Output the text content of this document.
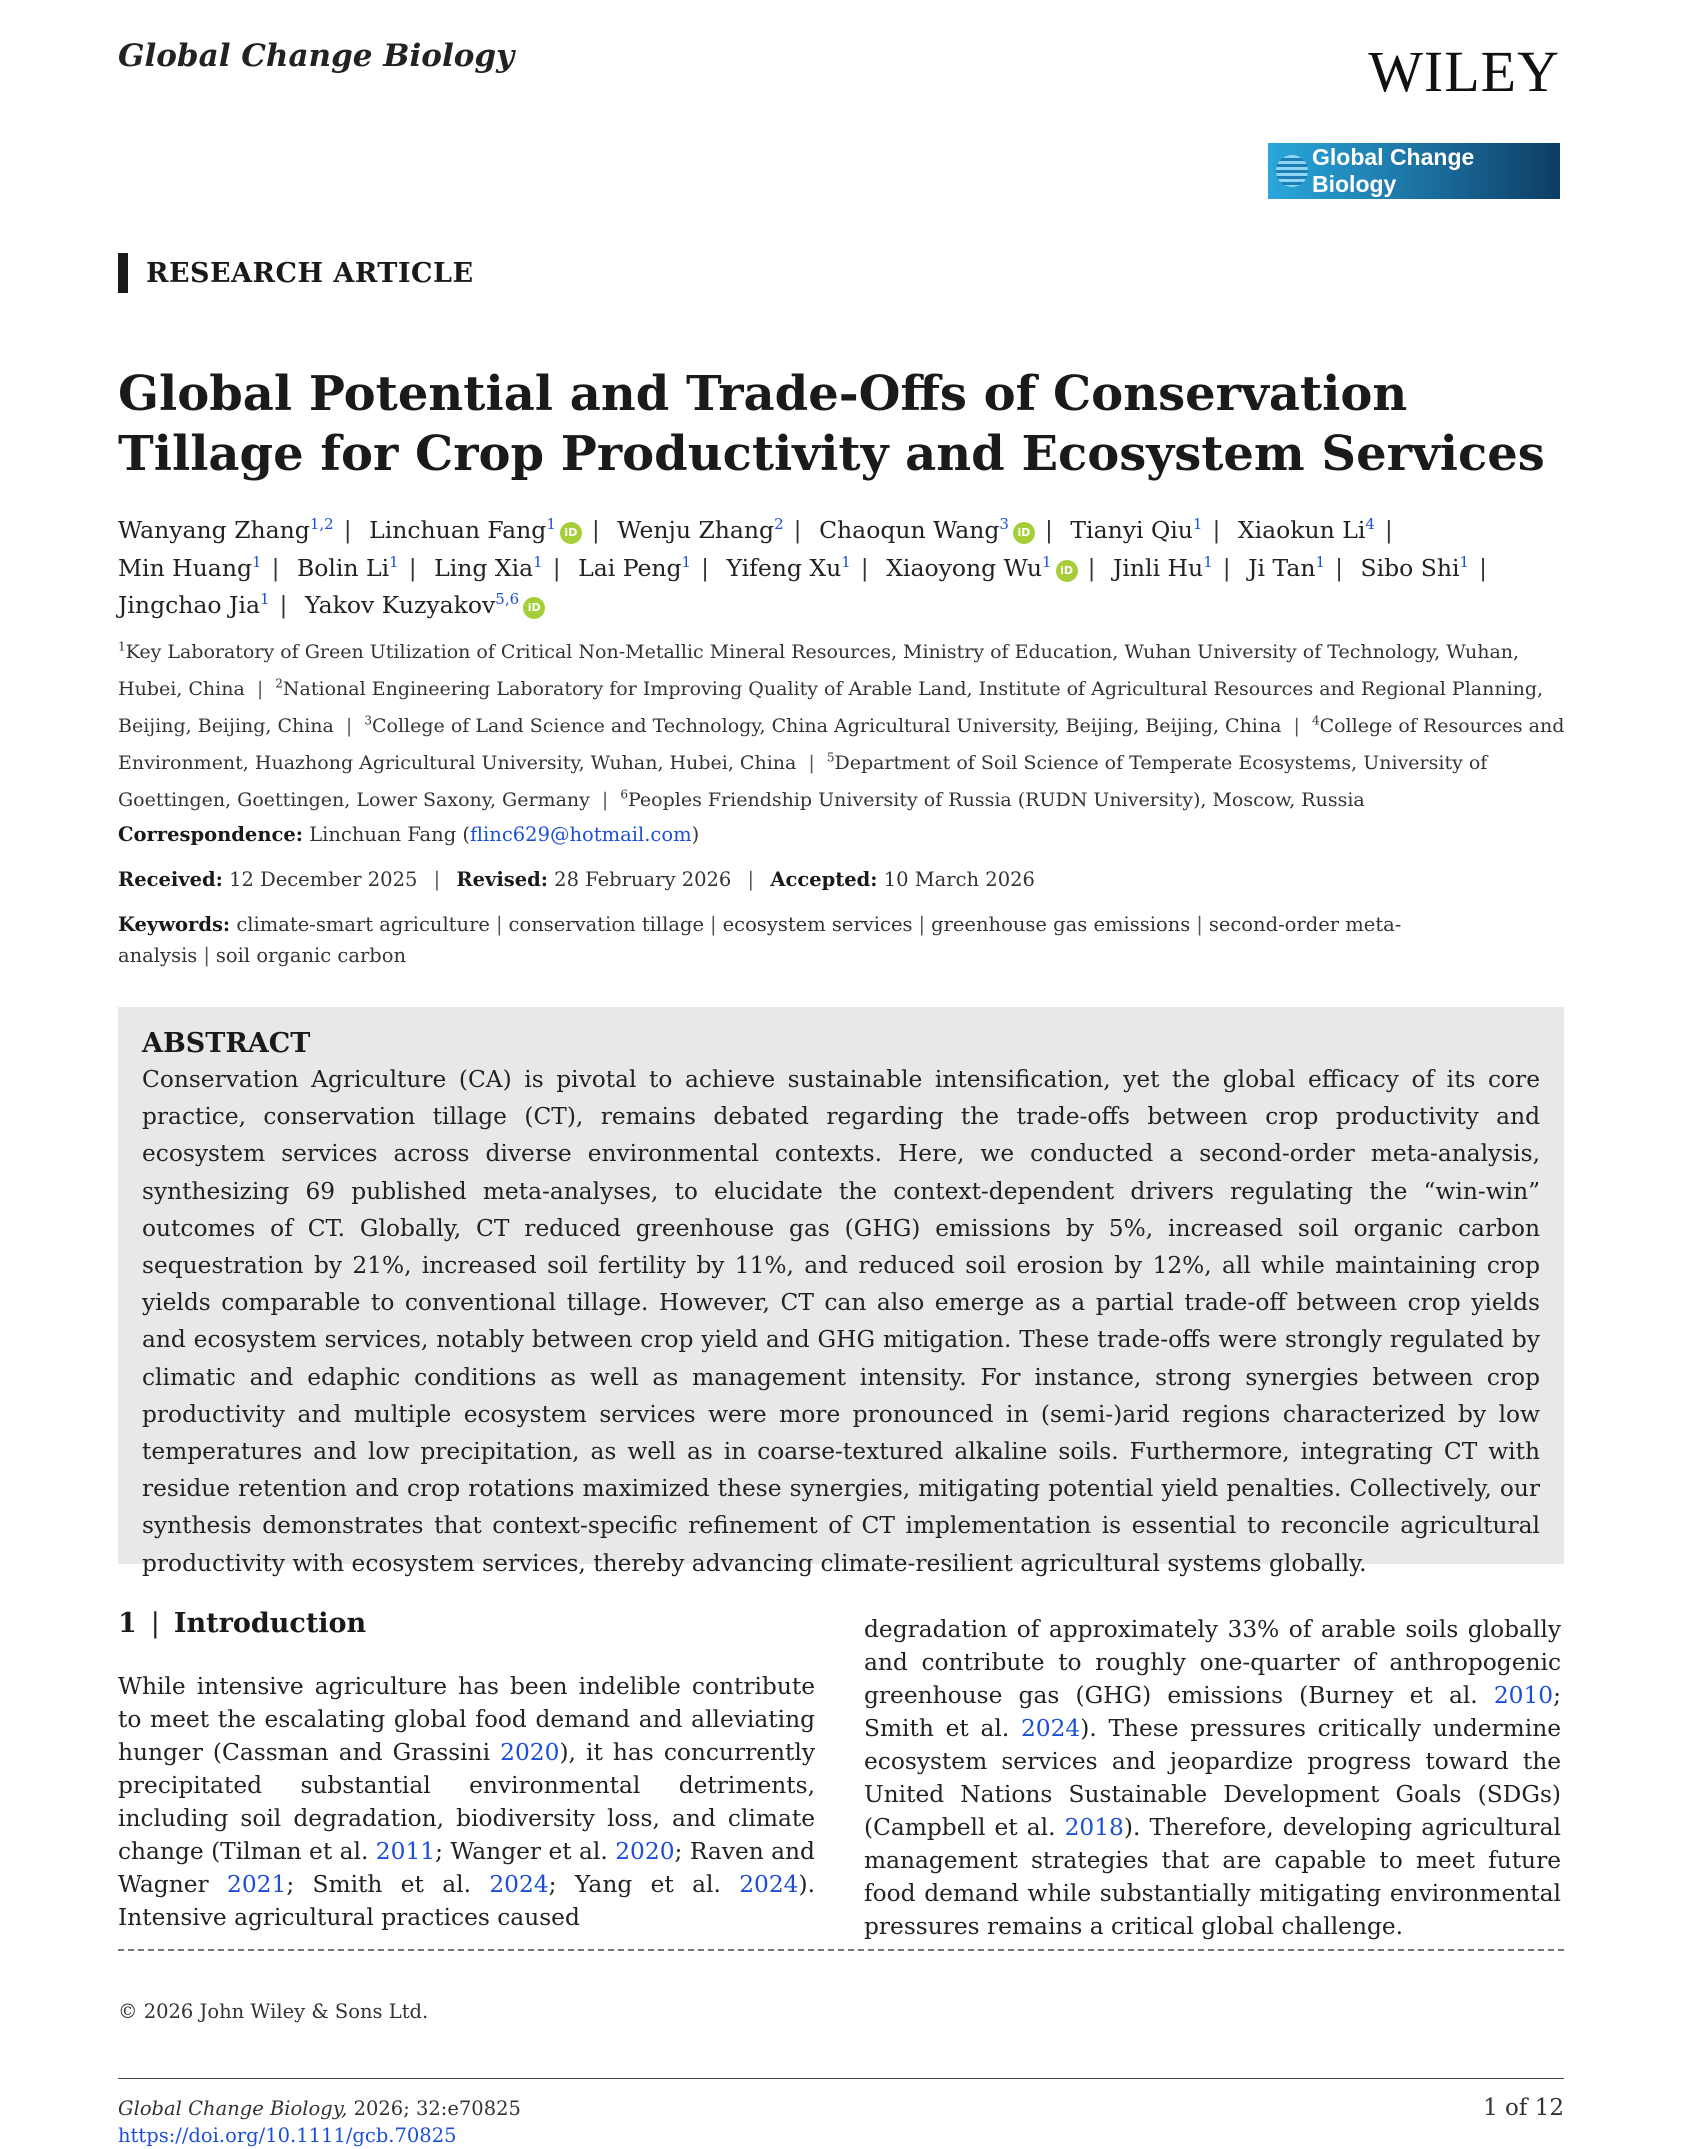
Global Change Biology	WILEY
Global Change Biology
RESEARCH ARTICLE
Global Potential and Trade-Offs of Conservation Tillage for Crop Productivity and Ecosystem Services
Wanyang Zhang$^{1,2}$ | Linchuan Fang$^1$ iD | Wenju Zhang$^2$ | Chaoqun Wang$^3$ iD | Tianyi Qiu$^1$ | Xiaokun Li$^4$ | Min Huang$^1$ | Bolin Li$^1$ | Ling Xia$^1$ | Lai Peng$^1$ | Yifeng Xu$^1$ | Xiaoyong Wu$^1$ iD | Jinli Hu$^1$ | Ji Tan$^1$ | Sibo Shi$^1$ | Jingchao Jia$^1$ | Yakov Kuzyakov$^{5,6}$ iD
$^1$Key Laboratory of Green Utilization of Critical Non-Metallic Mineral Resources, Ministry of Education, Wuhan University of Technology, Wuhan, Hubei, China | $^2$National Engineering Laboratory for Improving Quality of Arable Land, Institute of Agricultural Resources and Regional Planning, Beijing, Beijing, China | $^3$College of Land Science and Technology, China Agricultural University, Beijing, Beijing, China | $^4$College of Resources and Environment, Huazhong Agricultural University, Wuhan, Hubei, China | $^5$Department of Soil Science of Temperate Ecosystems, University of Goettingen, Goettingen, Lower Saxony, Germany | $^6$Peoples Friendship University of Russia (RUDN University), Moscow, Russia
Correspondence: Linchuan Fang (flinc629@hotmail.com)
Received: 12 December 2025 | Revised: 28 February 2026 | Accepted: 10 March 2026
Keywords: climate-smart agriculture | conservation tillage | ecosystem services | greenhouse gas emissions | second-order meta-analysis | soil organic carbon
ABSTRACT

Conservation Agriculture (CA) is pivotal to achieve sustainable intensification, yet the global efficacy of its core practice, conservation tillage (CT), remains debated regarding the trade-offs between crop productivity and ecosystem services across diverse environmental contexts. Here, we conducted a second-order meta-analysis, synthesizing 69 published meta-analyses, to elucidate the context-dependent drivers regulating the “win-win” outcomes of CT. Globally, CT reduced greenhouse gas (GHG) emissions by 5%, increased soil organic carbon sequestration by 21%, increased soil fertility by 11%, and reduced soil erosion by 12%, all while maintaining crop yields comparable to conventional tillage. However, CT can also emerge as a partial trade-off between crop yields and ecosystem services, notably between crop yield and GHG mitigation. These trade-offs were strongly regulated by climatic and edaphic conditions as well as management intensity. For instance, strong synergies between crop productivity and multiple ecosystem services were more pronounced in (semi-)arid regions characterized by low temperatures and low precipitation, as well as in coarse-textured alkaline soils. Furthermore, integrating CT with residue retention and crop rotations maximized these synergies, mitigating potential yield penalties. Collectively, our synthesis demonstrates that context-specific refinement of CT implementation is essential to reconcile agricultural productivity with ecosystem services, thereby advancing climate-resilient agricultural systems globally.

1 | Introduction

While intensive agriculture has been indelible contribute to meet the escalating global food demand and alleviating hunger (Cassman and Grassini 2020), it has concurrently precipitated substantial environmental detriments, including soil degradation, biodiversity loss, and climate change (Tilman et al. 2011; Wanger et al. 2020; Raven and Wagner 2021; Smith et al. 2024; Yang et al. 2024). Intensive agricultural practices caused

degradation of approximately 33% of arable soils globally and contribute to roughly one-quarter of anthropogenic greenhouse gas (GHG) emissions (Burney et al. 2010; Smith et al. 2024). These pressures critically undermine ecosystem services and jeopardize progress toward the United Nations Sustainable Development Goals (SDGs) (Campbell et al. 2018). Therefore, developing agricultural management strategies that are capable to meet future food demand while substantially mitigating environmental pressures remains a critical global challenge.

© 2026 John Wiley & Sons Ltd.
Global Change Biology, 2026; 32:e70825
https://doi.org/10.1111/gcb.70825
1 of 12
